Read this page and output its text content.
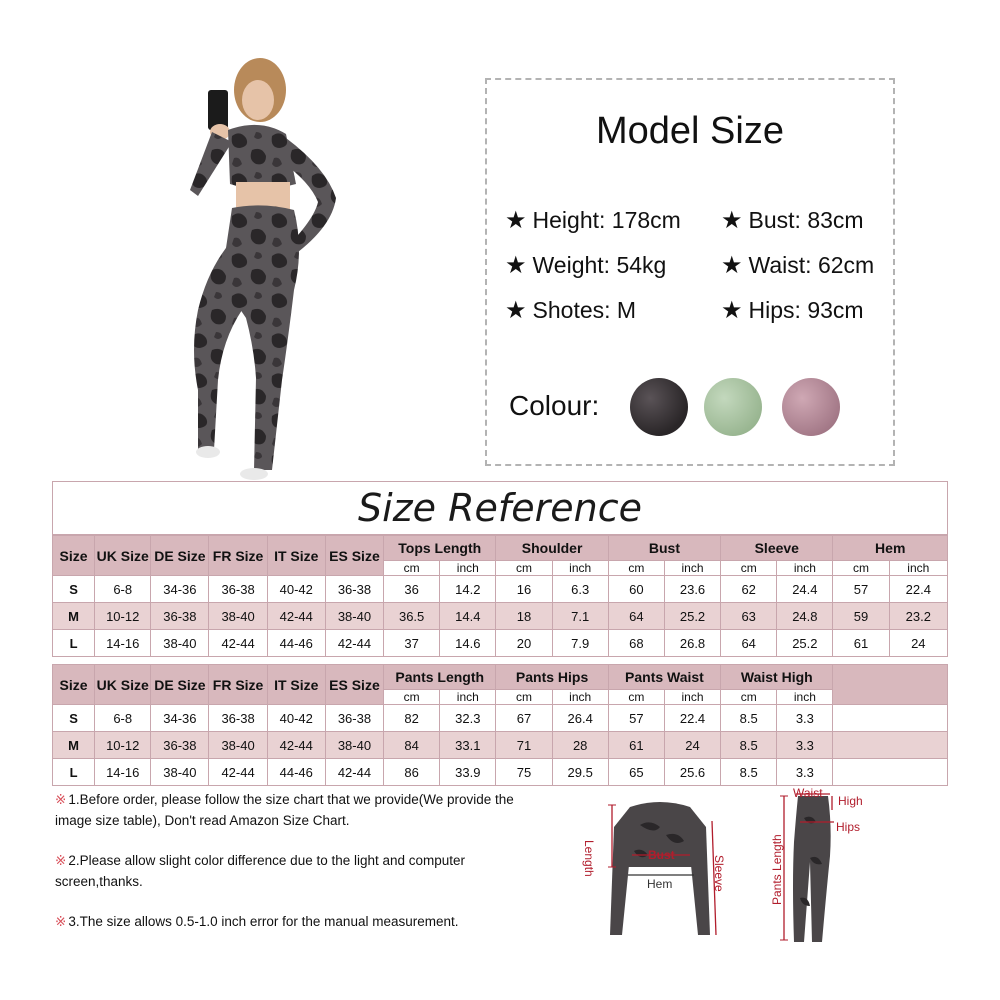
Model Size
★ Height: 178cm ★ Bust: 83cm
★ Weight: 54kg ★ Waist: 62cm
★ Shotes: M	★ Hips: 93cm
Colour:
Size Reference
Size	UK Size	DE Size	FR Size	IT Size	ES Size	Tops Length		Shoulder		Bust		Sleeve		Hem	
						cm	inch	cm	inch	cm	inch	cm	inch	cm	inch
S	6-8	34-36	36-38	40-42	36-38	36	14.2	16	6.3	60	23.6	62	24.4	57	22.4
M	10-12	36-38	38-40	42-44	38-40	36.5	14.4	18	7.1	64	25.2	63	24.8	59	23.2
L	14-16	38-40	42-44	44-46	42-44	37	14.6	20	7.9	68	26.8	64	25.2	61	24
Size	UK Size	DE Size	FR Size	IT Size	ES Size	Pants Length		Pants Hips		Pants Waist		Waist High		
						cm	inch	cm	inch	cm	inch	cm	inch	
S	6-8	34-36	36-38	40-42	36-38	82	32.3	67	26.4	57	22.4	8.5	3.3	
M	10-12	36-38	38-40	42-44	38-40	84	33.1	71	28	61	24	8.5	3.3	
L	14-16	38-40	42-44	44-46	42-44	86	33.9	75	29.5	65	25.6	8.5	3.3	
※ 1.Before order, please follow the size chart that we provide(We provide the image size table), Don't read Amazon Size Chart.
※ 2.Please allow slight color difference due to the light and computer screen,thanks.
※ 3.The size allows 0.5-1.0 inch error for the manual measurement.
Length	Bust
Hem	Sleeve
Waist
High
Hips
Pants Length
